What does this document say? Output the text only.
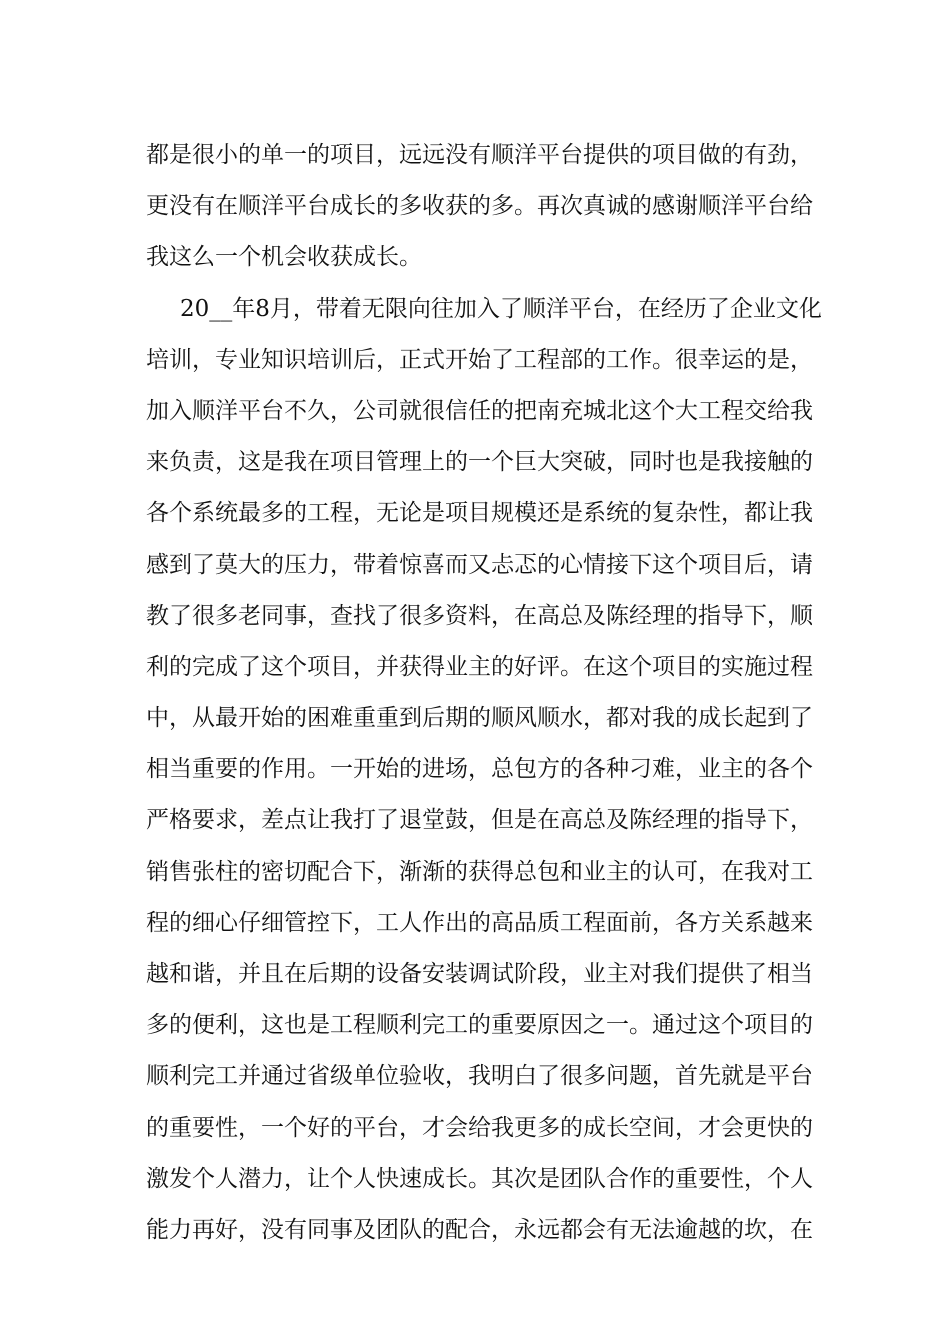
都是很小的单一的项目，远远没有顺洋平台提供的项目做的有劲，
更没有在顺洋平台成长的多收获的多。再次真诚的感谢顺洋平台给
我这么一个机会收获成长。
20__年8月，带着无限向往加入了顺洋平台，在经历了企业文化
培训，专业知识培训后，正式开始了工程部的工作。很幸运的是，
加入顺洋平台不久，公司就很信任的把南充城北这个大工程交给我
来负责，这是我在项目管理上的一个巨大突破，同时也是我接触的
各个系统最多的工程，无论是项目规模还是系统的复杂性，都让我
感到了莫大的压力，带着惊喜而又忐忑的心情接下这个项目后，请
教了很多老同事，查找了很多资料，在高总及陈经理的指导下，顺
利的完成了这个项目，并获得业主的好评。在这个项目的实施过程
中，从最开始的困难重重到后期的顺风顺水，都对我的成长起到了
相当重要的作用。一开始的进场，总包方的各种刁难，业主的各个
严格要求，差点让我打了退堂鼓，但是在高总及陈经理的指导下，
销售张柱的密切配合下，渐渐的获得总包和业主的认可，在我对工
程的细心仔细管控下，工人作出的高品质工程面前，各方关系越来
越和谐，并且在后期的设备安装调试阶段，业主对我们提供了相当
多的便利，这也是工程顺利完工的重要原因之一。通过这个项目的
顺利完工并通过省级单位验收，我明白了很多问题，首先就是平台
的重要性，一个好的平台，才会给我更多的成长空间，才会更快的
激发个人潜力，让个人快速成长。其次是团队合作的重要性，个人
能力再好，没有同事及团队的配合，永远都会有无法逾越的坎，在
